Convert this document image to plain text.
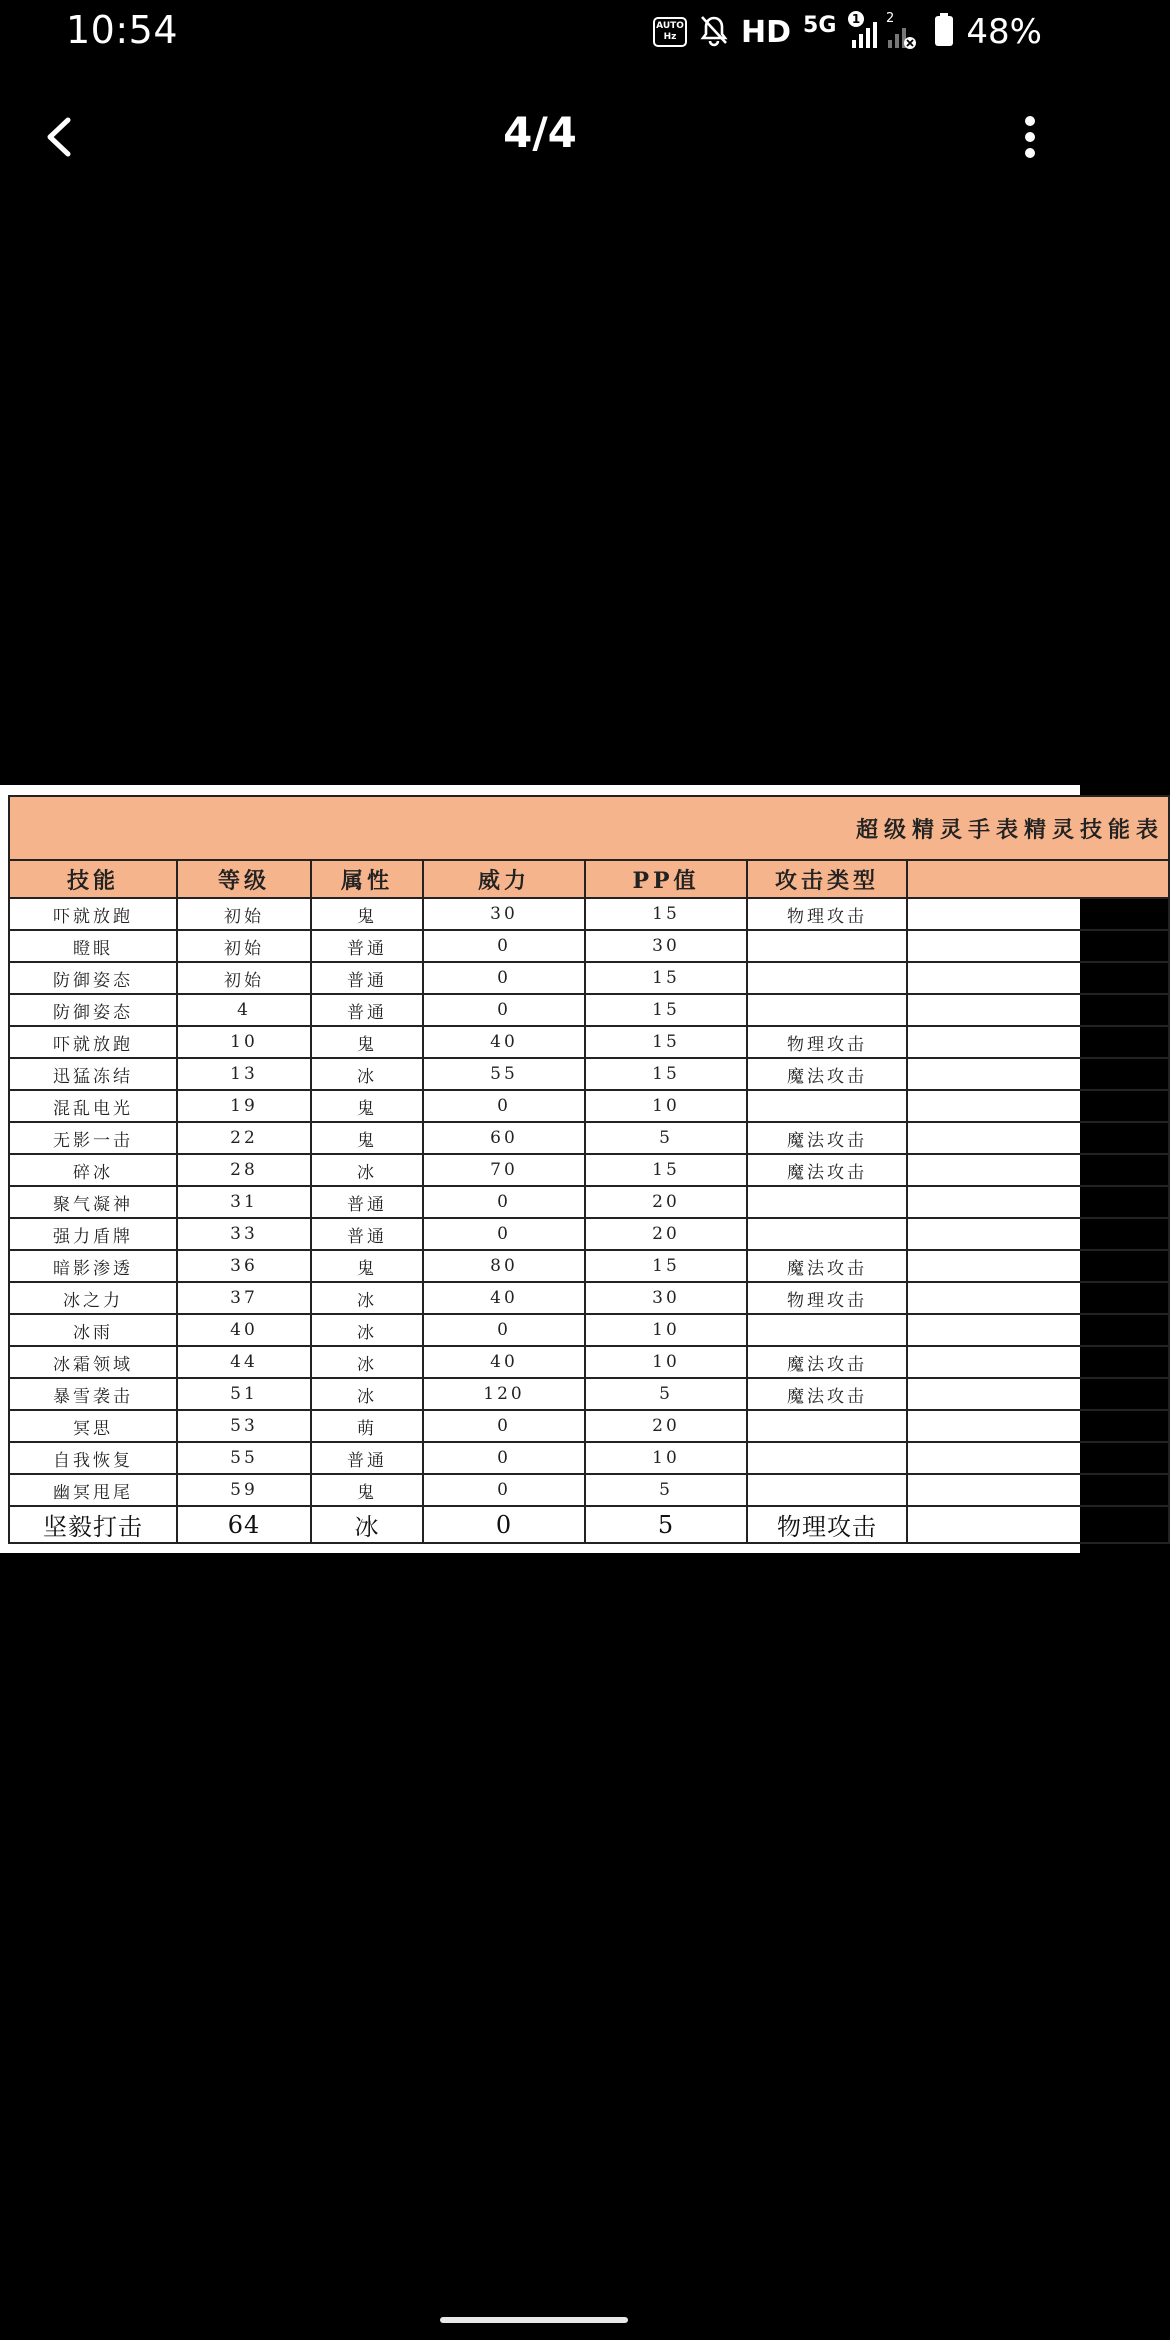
10:54	AUTO Hz	HD 5G 1 2 48%
4/4
超级精灵手表精灵技能表						
技能	等级	属性	威力	PP值	攻击类型	
吓就放跑	初始	鬼	30	15	物理攻击	
瞪眼	初始	普通	0	30		
防御姿态	初始	普通	0	15		
防御姿态	4	普通	0	15		
吓就放跑	10	鬼	40	15	物理攻击	
迅猛冻结	13	冰	55	15	魔法攻击	
混乱电光	19	鬼	0	10		
无影一击	22	鬼	60	5	魔法攻击	
碎冰	28	冰	70	15	魔法攻击	
聚气凝神	31	普通	0	20		
强力盾牌	33	普通	0	20		
暗影渗透	36	鬼	80	15	魔法攻击	
冰之力	37	冰	40	30	物理攻击	
冰雨	40	冰	0	10		
冰霜领域	44	冰	40	10	魔法攻击	
暴雪袭击	51	冰	120	5	魔法攻击	
冥思	53	萌	0	20		
自我恢复	55	普通	0	10		
幽冥甩尾	59	鬼	0	5		
坚毅打击	64	冰	0	5	物理攻击	
